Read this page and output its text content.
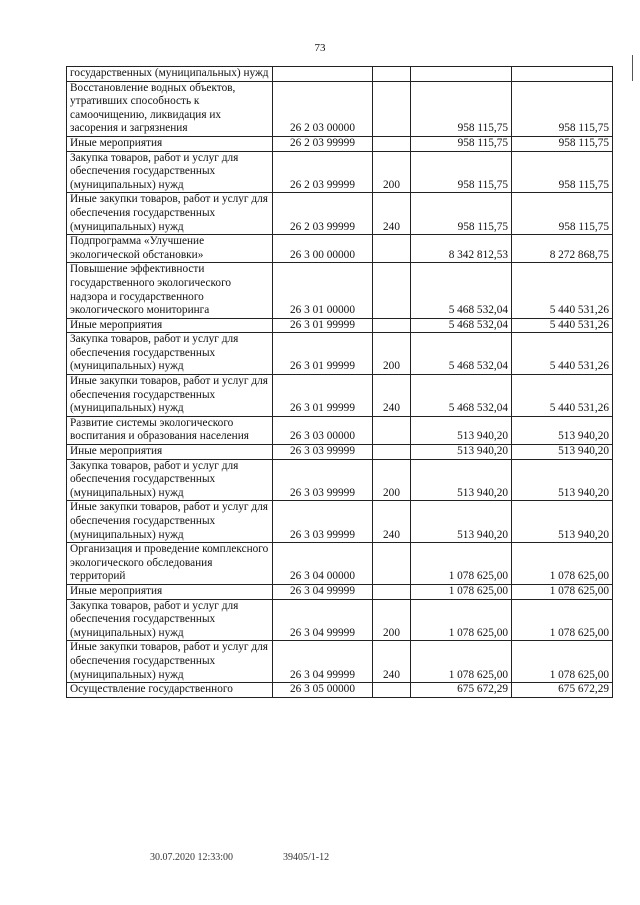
73
государственных (муниципальных) нужд				
Восстановление водных объектов, утративших способность к самоочищению, ликвидация их засорения и загрязнения	26 2 03 00000		958 115,75	958 115,75
Иные мероприятия	26 2 03 99999		958 115,75	958 115,75
Закупка товаров, работ и услуг для обеспечения государственных (муниципальных) нужд	26 2 03 99999	200	958 115,75	958 115,75
Иные закупки товаров, работ и услуг для обеспечения государственных (муниципальных) нужд	26 2 03 99999	240	958 115,75	958 115,75
Подпрограмма «Улучшение экологической обстановки»	26 3 00 00000		8 342 812,53	8 272 868,75
Повышение эффективности государственного экологического надзора и государственного экологического мониторинга	26 3 01 00000		5 468 532,04	5 440 531,26
Иные мероприятия	26 3 01 99999		5 468 532,04	5 440 531,26
Закупка товаров, работ и услуг для обеспечения государственных (муниципальных) нужд	26 3 01 99999	200	5 468 532,04	5 440 531,26
Иные закупки товаров, работ и услуг для обеспечения государственных (муниципальных) нужд	26 3 01 99999	240	5 468 532,04	5 440 531,26
Развитие системы экологического воспитания и образования населения	26 3 03 00000		513 940,20	513 940,20
Иные мероприятия	26 3 03 99999		513 940,20	513 940,20
Закупка товаров, работ и услуг для обеспечения государственных (муниципальных) нужд	26 3 03 99999	200	513 940,20	513 940,20
Иные закупки товаров, работ и услуг для обеспечения государственных (муниципальных) нужд	26 3 03 99999	240	513 940,20	513 940,20
Организация и проведение комплексного экологического обследования территорий	26 3 04 00000		1 078 625,00	1 078 625,00
Иные мероприятия	26 3 04 99999		1 078 625,00	1 078 625,00
Закупка товаров, работ и услуг для обеспечения государственных (муниципальных) нужд	26 3 04 99999	200	1 078 625,00	1 078 625,00
Иные закупки товаров, работ и услуг для обеспечения государственных (муниципальных) нужд	26 3 04 99999	240	1 078 625,00	1 078 625,00
Осуществление государственного	26 3 05 00000		675 672,29	675 672,29
30.07.2020 12:33:00	39405/1-12
